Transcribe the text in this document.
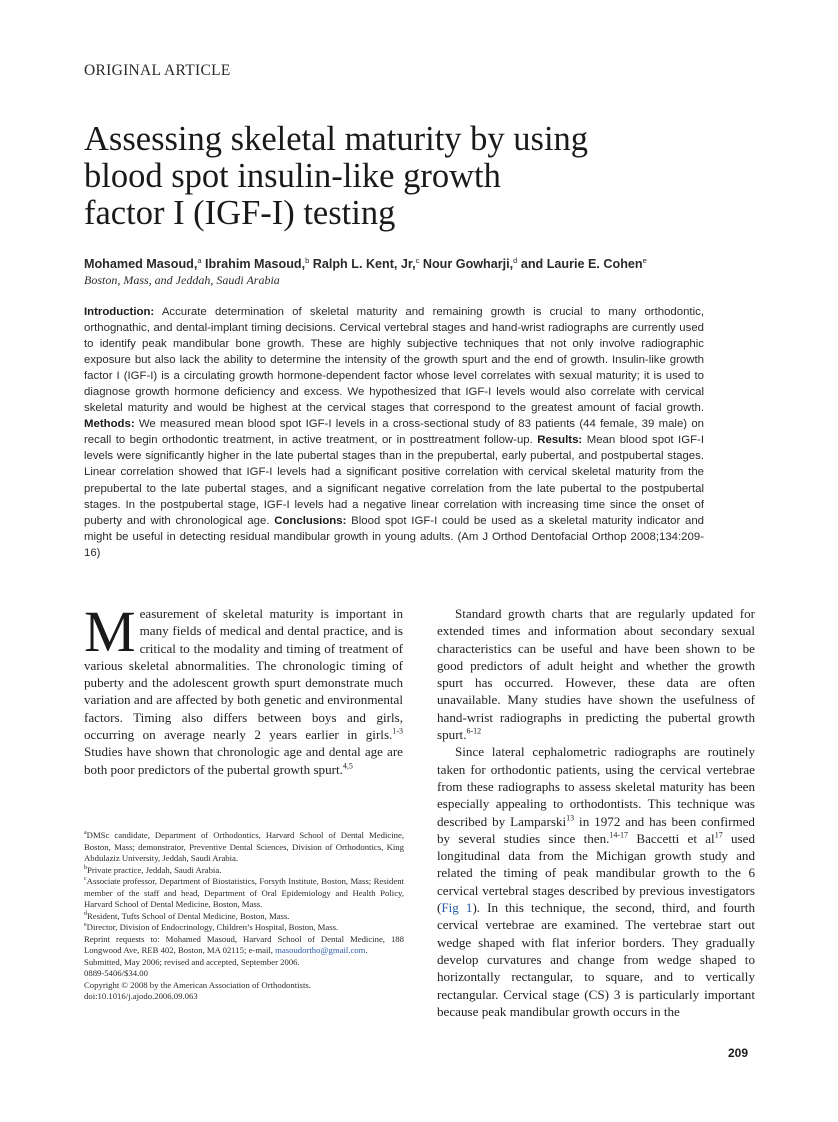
ORIGINAL ARTICLE
Assessing skeletal maturity by using
blood spot insulin-like growth
factor I (IGF-I) testing
Mohamed Masoud,$^a$ Ibrahim Masoud,$^b$ Ralph L. Kent, Jr,$^c$ Nour Gowharji,$^d$ and Laurie E. Cohen$^e$
Boston, Mass, and Jeddah, Saudi Arabia

Introduction: Accurate determination of skeletal maturity and remaining growth is crucial to many orthodontic, orthognathic, and dental-implant timing decisions. Cervical vertebral stages and hand-wrist radiographs are currently used to identify peak mandibular bone growth. These are highly subjective techniques that not only involve radiographic exposure but also lack the ability to determine the intensity of the growth spurt and the end of growth. Insulin-like growth factor I (IGF-I) is a circulating growth hormone-dependent factor whose level correlates with sexual maturity; it is used to diagnose growth hormone deficiency and excess. We hypothesized that IGF-I levels would also correlate with cervical skeletal maturity and would be highest at the cervical stages that correspond to the greatest amount of facial growth. Methods: We measured mean blood spot IGF-I levels in a cross-sectional study of 83 patients (44 female, 39 male) on recall to begin orthodontic treatment, in active treatment, or in posttreatment follow-up. Results: Mean blood spot IGF-I levels were significantly higher in the late pubertal stages than in the prepubertal, early pubertal, and postpubertal stages. Linear correlation showed that IGF-I levels had a significant positive correlation with cervical skeletal maturity from the prepubertal to the late pubertal stages, and a significant negative correlation from the late pubertal to the postpubertal stages. In the postpubertal stage, IGF-I levels had a negative linear correlation with increasing time since the onset of puberty and with chronological age. Conclusions: Blood spot IGF-I could be used as a skeletal maturity indicator and might be useful in detecting residual mandibular growth in young adults. (Am J Orthod Dentofacial Orthop 2008;134:209-16)

Measurement of skeletal maturity is important in many fields of medical and dental practice, and is critical to the modality and timing of treatment of various skeletal abnormalities. The chronologic timing of puberty and the adolescent growth spurt demonstrate much variation and are affected by both genetic and environmental factors. Timing also differs between boys and girls, occurring on average nearly 2 years earlier in girls.$^{1-3}$ Studies have shown that chronologic age and dental age are both poor predictors of the pubertal growth spurt.$^{4,5}$

$^a$DMSc candidate, Department of Orthodontics, Harvard School of Dental Medicine, Boston, Mass; demonstrator, Preventive Dental Sciences, Division of Orthodontics, King Abdulaziz University, Jeddah, Saudi Arabia.

$^b$Private practice, Jeddah, Saudi Arabia.

$^c$Associate professor, Department of Biostatistics, Forsyth Institute, Boston, Mass; Resident member of the staff and head, Department of Oral Epidemiology and Health Policy, Harvard School of Dental Medicine, Boston, Mass.

$^d$Resident, Tufts School of Dental Medicine, Boston, Mass.

$^e$Director, Division of Endocrinology, Children’s Hospital, Boston, Mass.

Reprint requests to: Mohamed Masoud, Harvard School of Dental Medicine, 188 Longwood Ave, REB 402, Boston, MA 02115; e-mail, masoudortho@gmail.com.

Submitted, May 2006; revised and accepted, September 2006.

0889-5406/$34.00

Copyright © 2008 by the American Association of Orthodontists.

doi:10.1016/j.ajodo.2006.09.063

Standard growth charts that are regularly updated for extended times and information about secondary sexual characteristics can be useful and have been shown to be good predictors of adult height and whether the growth spurt has occurred. However, these data are often unavailable. Many studies have shown the usefulness of hand-wrist radiographs in predicting the pubertal growth spurt.$^{6-12}$

Since lateral cephalometric radiographs are routinely taken for orthodontic patients, using the cervical vertebrae from these radiographs to assess skeletal maturity has been especially appealing to orthodontists. This technique was described by Lamparski$^{13}$ in 1972 and has been confirmed by several studies since then.$^{14-17}$ Baccetti et al$^{17}$ used longitudinal data from the Michigan growth study and related the timing of peak mandibular growth to the 6 cervical vertebral stages described by previous investigators (Fig 1). In this technique, the second, third, and fourth cervical vertebrae are examined. The vertebrae start out wedge shaped with flat inferior borders. They gradually develop curvatures and change from wedge shaped to horizontally rectangular, to square, and to vertically rectangular. Cervical stage (CS) 3 is particularly important because peak mandibular growth occurs in the

209
